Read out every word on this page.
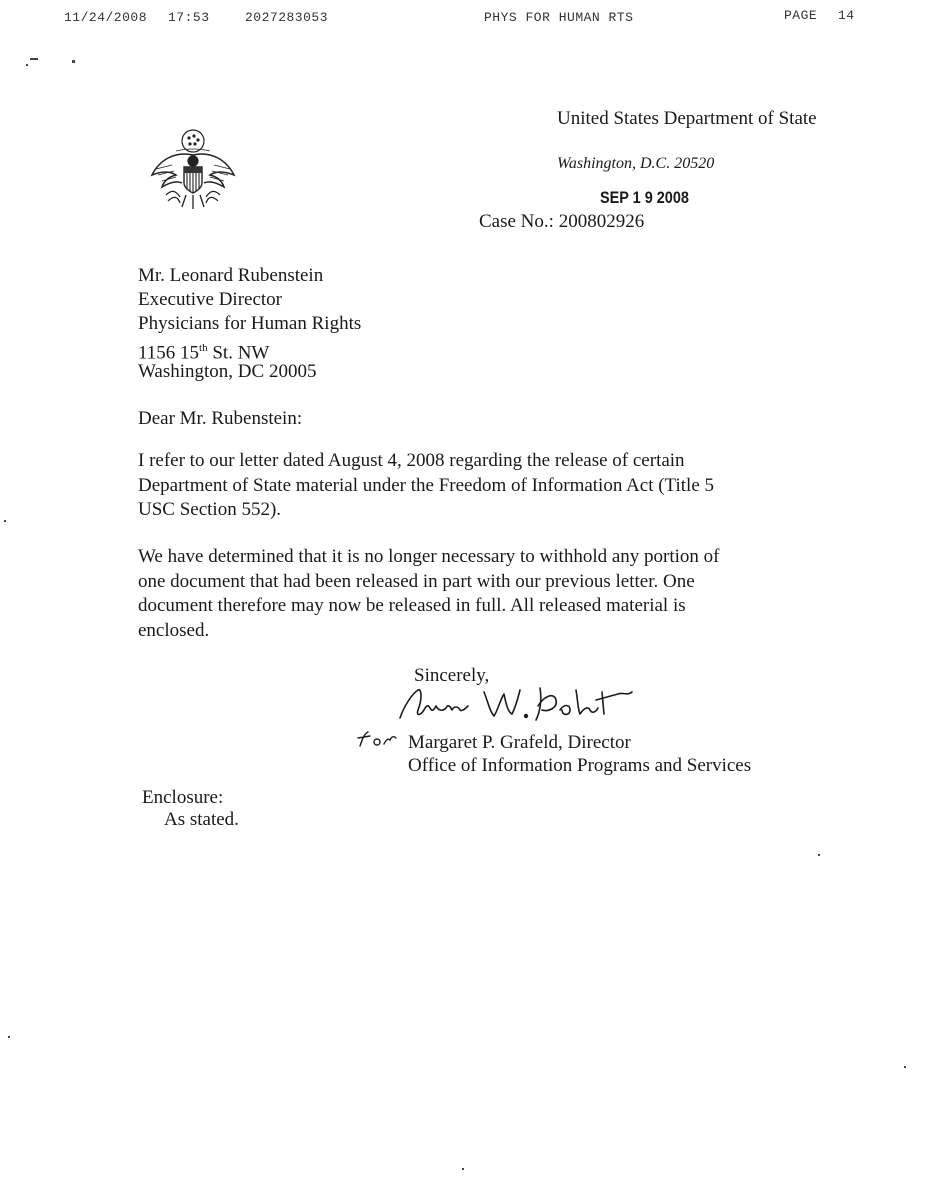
11/24/2008 17:53	2027283053	PHYS FOR HUMAN RTS	PAGE 14
United States Department of State
Washington, D.C. 20520
SEP 1 9 2008
Case No.: 200802926
Mr. Leonard Rubenstein
Executive Director
Physicians for Human Rights
1156 15th St. NW
Washington, DC 20005
Dear Mr. Rubenstein:
I refer to our letter dated August 4, 2008 regarding the release of certain
Department of State material under the Freedom of Information Act (Title 5
USC Section 552).
We have determined that it is no longer necessary to withhold any portion of
one document that had been released in part with our previous letter. One
document therefore may now be released in full. All released material is
enclosed.
Sincerely,
Margaret P. Grafeld, Director
Office of Information Programs and Services
Enclosure:
As stated.
